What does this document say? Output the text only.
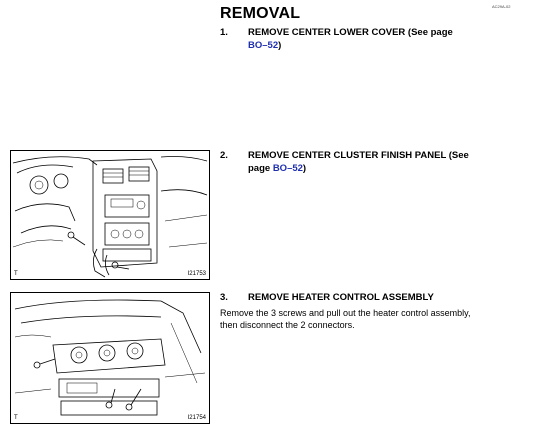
AC29A-02
REMOVAL
1. REMOVE CENTER LOWER COVER (See page
BO–52)
2. REMOVE CENTER CLUSTER FINISH PANEL (See
page BO–52)
3. REMOVE HEATER CONTROL ASSEMBLY
Remove the 3 screws and pull out the heater control assembly,
then disconnect the 2 connectors.
T	I21753
T	I21754
